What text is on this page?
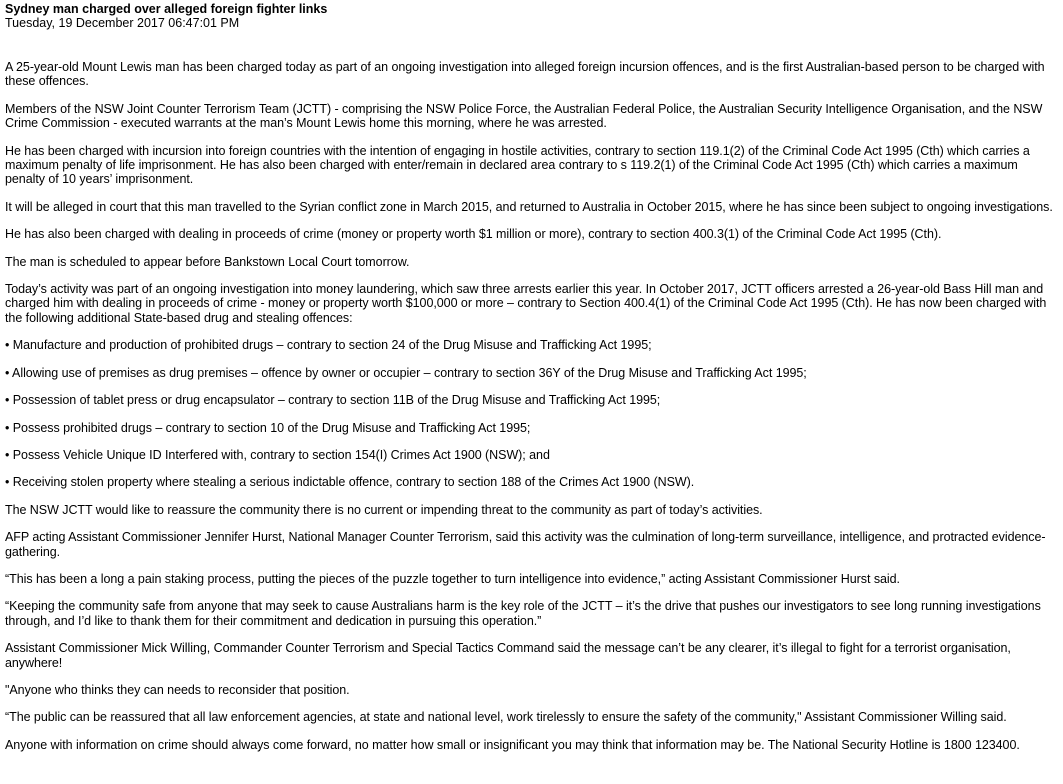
Sydney man charged over alleged foreign fighter links

Tuesday, 19 December 2017 06:47:01 PM

A 25-year-old Mount Lewis man has been charged today as part of an ongoing investigation into alleged foreign incursion offences, and is the first Australian-based person to be charged with these offences.

Members of the NSW Joint Counter Terrorism Team (JCTT) - comprising the NSW Police Force, the Australian Federal Police, the Australian Security Intelligence Organisation, and the NSW Crime Commission - executed warrants at the man’s Mount Lewis home this morning, where he was arrested.

He has been charged with incursion into foreign countries with the intention of engaging in hostile activities, contrary to section 119.1(2) of the Criminal Code Act 1995 (Cth) which carries a maximum penalty of life imprisonment. He has also been charged with enter/remain in declared area contrary to s 119.2(1) of the Criminal Code Act 1995 (Cth) which carries a maximum penalty of 10 years’ imprisonment.

It will be alleged in court that this man travelled to the Syrian conflict zone in March 2015, and returned to Australia in October 2015, where he has since been subject to ongoing investigations.

He has also been charged with dealing in proceeds of crime (money or property worth $1 million or more), contrary to section 400.3(1) of the Criminal Code Act 1995 (Cth).

The man is scheduled to appear before Bankstown Local Court tomorrow.

Today’s activity was part of an ongoing investigation into money laundering, which saw three arrests earlier this year. In October 2017, JCTT officers arrested a 26-year-old Bass Hill man and charged him with dealing in proceeds of crime - money or property worth $100,000 or more – contrary to Section 400.4(1) of the Criminal Code Act 1995 (Cth). He has now been charged with the following additional State-based drug and stealing offences:

• Manufacture and production of prohibited drugs – contrary to section 24 of the Drug Misuse and Trafficking Act 1995;

• Allowing use of premises as drug premises – offence by owner or occupier – contrary to section 36Y of the Drug Misuse and Trafficking Act 1995;

• Possession of tablet press or drug encapsulator – contrary to section 11B of the Drug Misuse and Trafficking Act 1995;

• Possess prohibited drugs – contrary to section 10 of the Drug Misuse and Trafficking Act 1995;

• Possess Vehicle Unique ID Interfered with, contrary to section 154(I) Crimes Act 1900 (NSW); and

• Receiving stolen property where stealing a serious indictable offence, contrary to section 188 of the Crimes Act 1900 (NSW).

The NSW JCTT would like to reassure the community there is no current or impending threat to the community as part of today’s activities.

AFP acting Assistant Commissioner Jennifer Hurst, National Manager Counter Terrorism, said this activity was the culmination of long-term surveillance, intelligence, and protracted evidence-gathering.

“This has been a long a pain staking process, putting the pieces of the puzzle together to turn intelligence into evidence,” acting Assistant Commissioner Hurst said.

“Keeping the community safe from anyone that may seek to cause Australians harm is the key role of the JCTT – it’s the drive that pushes our investigators to see long running investigations through, and I’d like to thank them for their commitment and dedication in pursuing this operation.”

Assistant Commissioner Mick Willing, Commander Counter Terrorism and Special Tactics Command said the message can’t be any clearer, it’s illegal to fight for a terrorist organisation, anywhere!

"Anyone who thinks they can needs to reconsider that position.

“The public can be reassured that all law enforcement agencies, at state and national level, work tirelessly to ensure the safety of the community," Assistant Commissioner Willing said.

Anyone with information on crime should always come forward, no matter how small or insignificant you may think that information may be. The National Security Hotline is 1800 123400.
